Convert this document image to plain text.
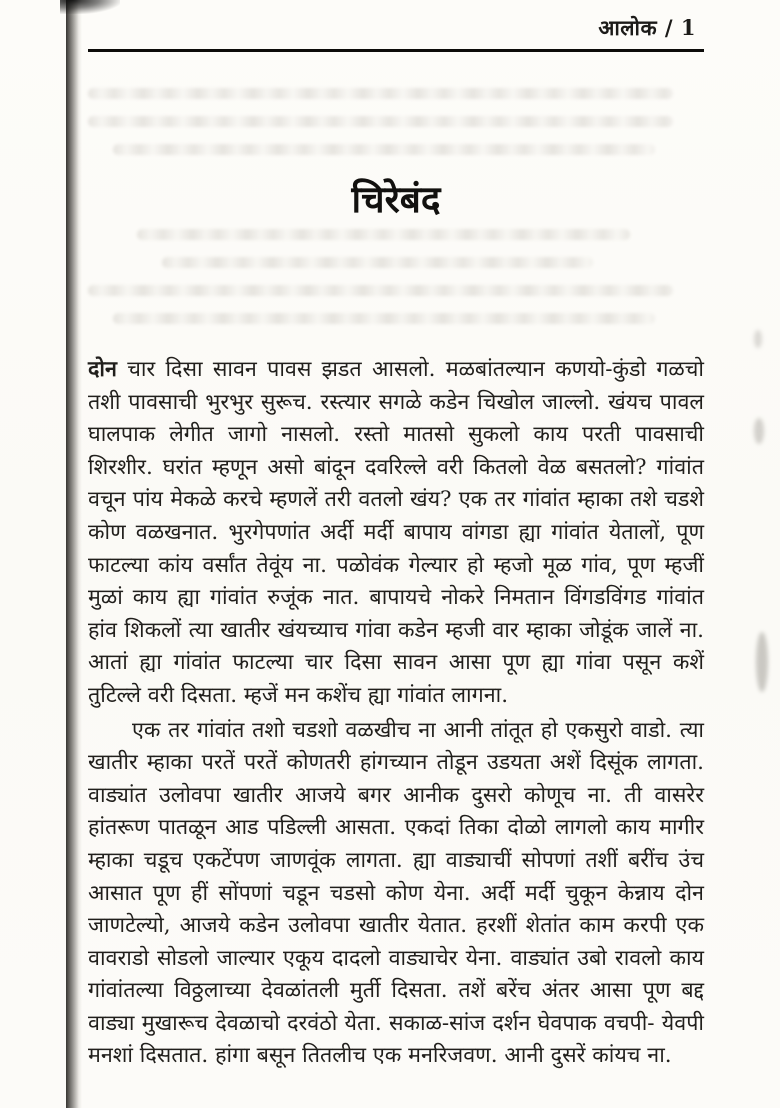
आलोक / 1
चिरेबंद

दोन चार दिसा सावन पावस झडत आसलो. मळबांतल्यान कणयो-कुंडो गळचो तशी पावसाची भुरभुर सुरूच. रस्त्यार सगळे कडेन चिखोल जाल्लो. खंयच पावल घालपाक लेगीत जागो नासलो. रस्तो मातसो सुकलो काय परती पावसाची शिरशीर. घरांत म्हणून असो बांदून दवरिल्ले वरी कितलो वेळ बसतलो? गांवांत वचून पांय मेकळे करचे म्हणलें तरी वतलो खंय? एक तर गांवांत म्हाका तशे चडशे कोण वळखनात. भुरगेपणांत अर्दी मर्दी बापाय वांगडा ह्या गांवांत येतालों, पूण फाटल्या कांय वर्सांत तेवूंय ना. पळोवंक गेल्यार हो म्हजो मूळ गांव, पूण म्हजीं मुळां काय ह्या गांवांत रुजूंक नात. बापायचे नोकरे निमतान विंगडविंगड गांवांत हांव शिकलों त्या खातीर खंयच्याच गांवा कडेन म्हजी वार म्हाका जोडूंक जालें ना. आतां ह्या गांवांत फाटल्या चार दिसा सावन आसा पूण ह्या गांवा पसून कशें तुटिल्ले वरी दिसता. म्हजें मन कशेंच ह्या गांवांत लागना.

एक तर गांवांत तशो चडशो वळखीच ना आनी तांतूत हो एकसुरो वाडो. त्या खातीर म्हाका परतें परतें कोणतरी हांगच्यान तोडून उडयता अशें दिसूंक लागता. वाड्यांत उलोवपा खातीर आजये बगर आनीक दुसरो कोणूच ना. ती वासरेर हांतरूण पातळून आड पडिल्ली आसता. एकदां तिका दोळो लागलो काय मागीर म्हाका चडूच एकटेंपण जाणवूंक लागता. ह्या वाड्याचीं सोपणां तशीं बरींच उंच आसात पूण हीं सोंपणां चडून चडसो कोण येना. अर्दी मर्दी चुकून केन्नाय दोन जाणटेल्यो, आजये कडेन उलोवपा खातीर येतात. हरशीं शेतांत काम करपी एक वावराडो सोडलो जाल्यार एकूय दादलो वाड्याचेर येना. वाड्यांत उबो रावलो काय गांवांतल्या विठ्ठलाच्या देवळांतली मुर्ती दिसता. तशें बरेंच अंतर आसा पूण बद्द वाड्या मुखारूच देवळाचो दरवंठो येता. सकाळ-सांज दर्शन घेवपाक वचपी- येवपी मनशां दिसतात. हांगा बसून तितलीच एक मनरिजवण. आनी दुसरें कांयच ना.
